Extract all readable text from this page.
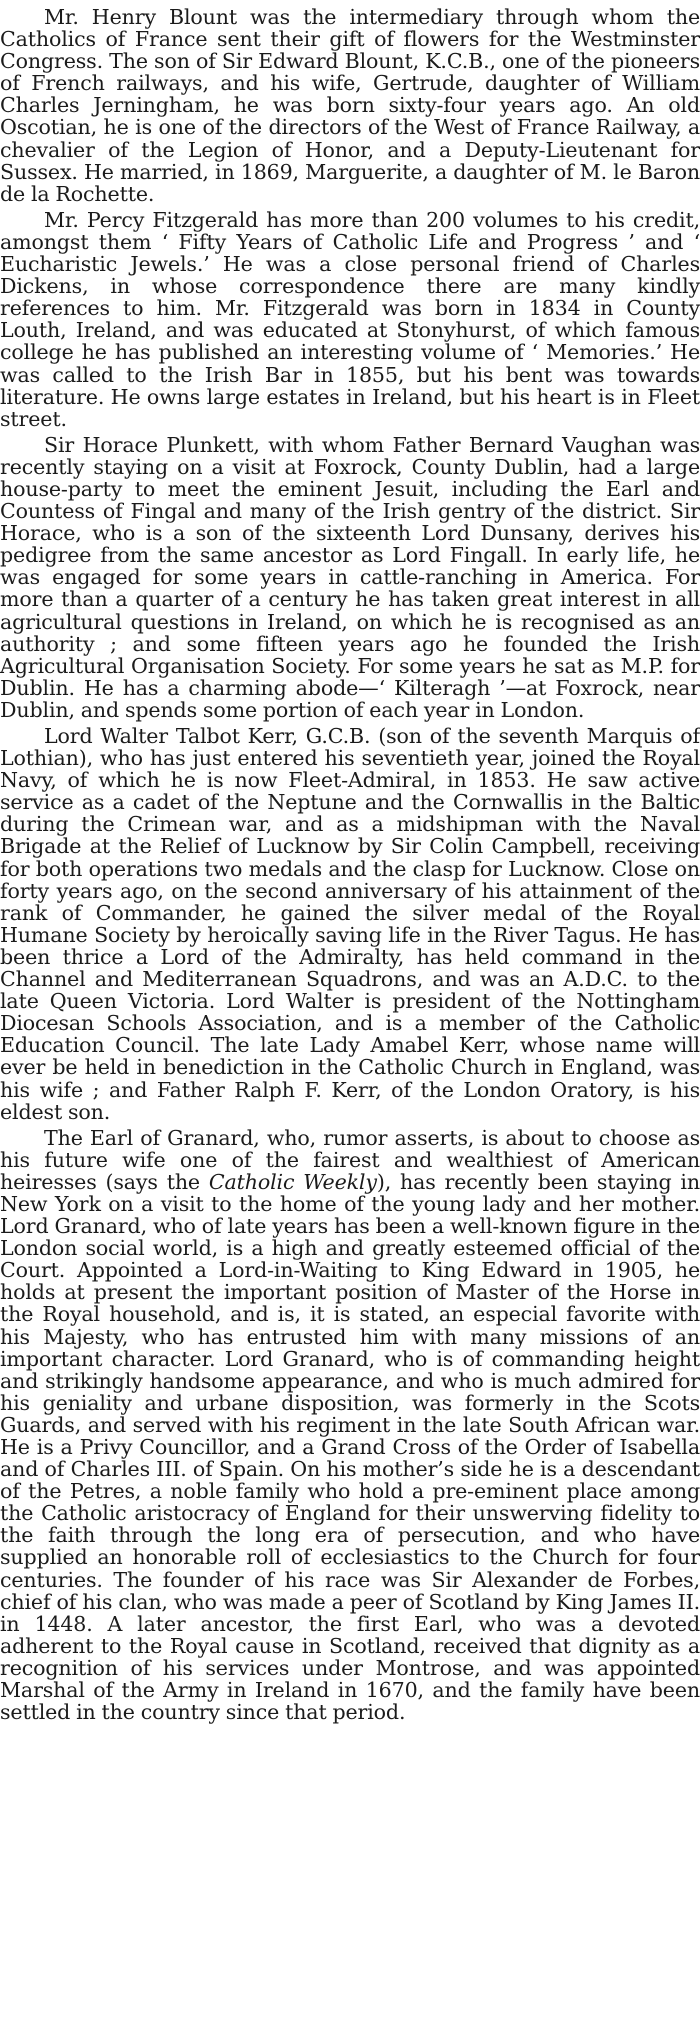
Mr. Henry Blount was the intermediary through whom the Catholics of France sent their gift of flowers for the Westminster Congress. The son of Sir Edward Blount, K.C.B., one of the pioneers of French railways, and his wife, Gertrude, daughter of William Charles Jerningham, he was born sixty-four years ago. An old Oscotian, he is one of the directors of the West of France Railway, a chevalier of the Legion of Honor, and a Deputy-Lieutenant for Sussex. He married, in 1869, Marguerite, a daughter of M. le Baron de la Rochette.

Mr. Percy Fitzgerald has more than 200 volumes to his credit, amongst them ‘ Fifty Years of Catholic Life and Progress ’ and ‘ Eucharistic Jewels.’ He was a close personal friend of Charles Dickens, in whose correspondence there are many kindly references to him. Mr. Fitzgerald was born in 1834 in County Louth, Ireland, and was educated at Stonyhurst, of which famous college he has published an interesting volume of ‘ Memories.’ He was called to the Irish Bar in 1855, but his bent was towards literature. He owns large estates in Ireland, but his heart is in Fleet street.

Sir Horace Plunkett, with whom Father Bernard Vaughan was recently staying on a visit at Foxrock, County Dublin, had a large house-party to meet the eminent Jesuit, including the Earl and Countess of Fingal and many of the Irish gentry of the district. Sir Horace, who is a son of the sixteenth Lord Dunsany, derives his pedigree from the same ancestor as Lord Fingall. In early life, he was engaged for some years in cattle-ranching in America. For more than a quarter of a century he has taken great interest in all agricultural questions in Ireland, on which he is recognised as an authority ; and some fifteen years ago he founded the Irish Agricultural Organisation Society. For some years he sat as M.P. for Dublin. He has a charming abode—‘ Kilteragh ’—at Foxrock, near Dublin, and spends some portion of each year in London.

Lord Walter Talbot Kerr, G.C.B. (son of the seventh Marquis of Lothian), who has just entered his seventieth year, joined the Royal Navy, of which he is now Fleet-Admiral, in 1853. He saw active service as a cadet of the Neptune and the Cornwallis in the Baltic during the Crimean war, and as a midshipman with the Naval Brigade at the Relief of Lucknow by Sir Colin Campbell, receiving for both operations two medals and the clasp for Lucknow. Close on forty years ago, on the second anniversary of his attainment of the rank of Commander, he gained the silver medal of the Royal Humane Society by heroically saving life in the River Tagus. He has been thrice a Lord of the Admiralty, has held command in the Channel and Mediterranean Squadrons, and was an A.D.C. to the late Queen Victoria. Lord Walter is president of the Nottingham Diocesan Schools Association, and is a member of the Catholic Education Council. The late Lady Amabel Kerr, whose name will ever be held in benediction in the Catholic Church in England, was his wife ; and Father Ralph F. Kerr, of the London Oratory, is his eldest son.

The Earl of Granard, who, rumor asserts, is about to choose as his future wife one of the fairest and wealthiest of American heiresses (says the Catholic Weekly), has recently been staying in New York on a visit to the home of the young lady and her mother. Lord Granard, who of late years has been a well-known figure in the London social world, is a high and greatly esteemed official of the Court. Appointed a Lord-in-Waiting to King Edward in 1905, he holds at present the important position of Master of the Horse in the Royal household, and is, it is stated, an especial favorite with his Majesty, who has entrusted him with many missions of an important character. Lord Granard, who is of commanding height and strikingly handsome appearance, and who is much admired for his geniality and urbane disposition, was formerly in the Scots Guards, and served with his regiment in the late South African war. He is a Privy Councillor, and a Grand Cross of the Order of Isabella and of Charles III. of Spain. On his mother’s side he is a descendant of the Petres, a noble family who hold a pre-eminent place among the Catholic aristocracy of England for their unswerving fidelity to the faith through the long era of persecution, and who have supplied an honorable roll of ecclesiastics to the Church for four centuries. The founder of his race was Sir Alexander de Forbes, chief of his clan, who was made a peer of Scotland by King James II. in 1448. A later ancestor, the first Earl, who was a devoted adherent to the Royal cause in Scotland, received that dignity as a recognition of his services under Montrose, and was appointed Marshal of the Army in Ireland in 1670, and the family have been settled in the country since that period.
